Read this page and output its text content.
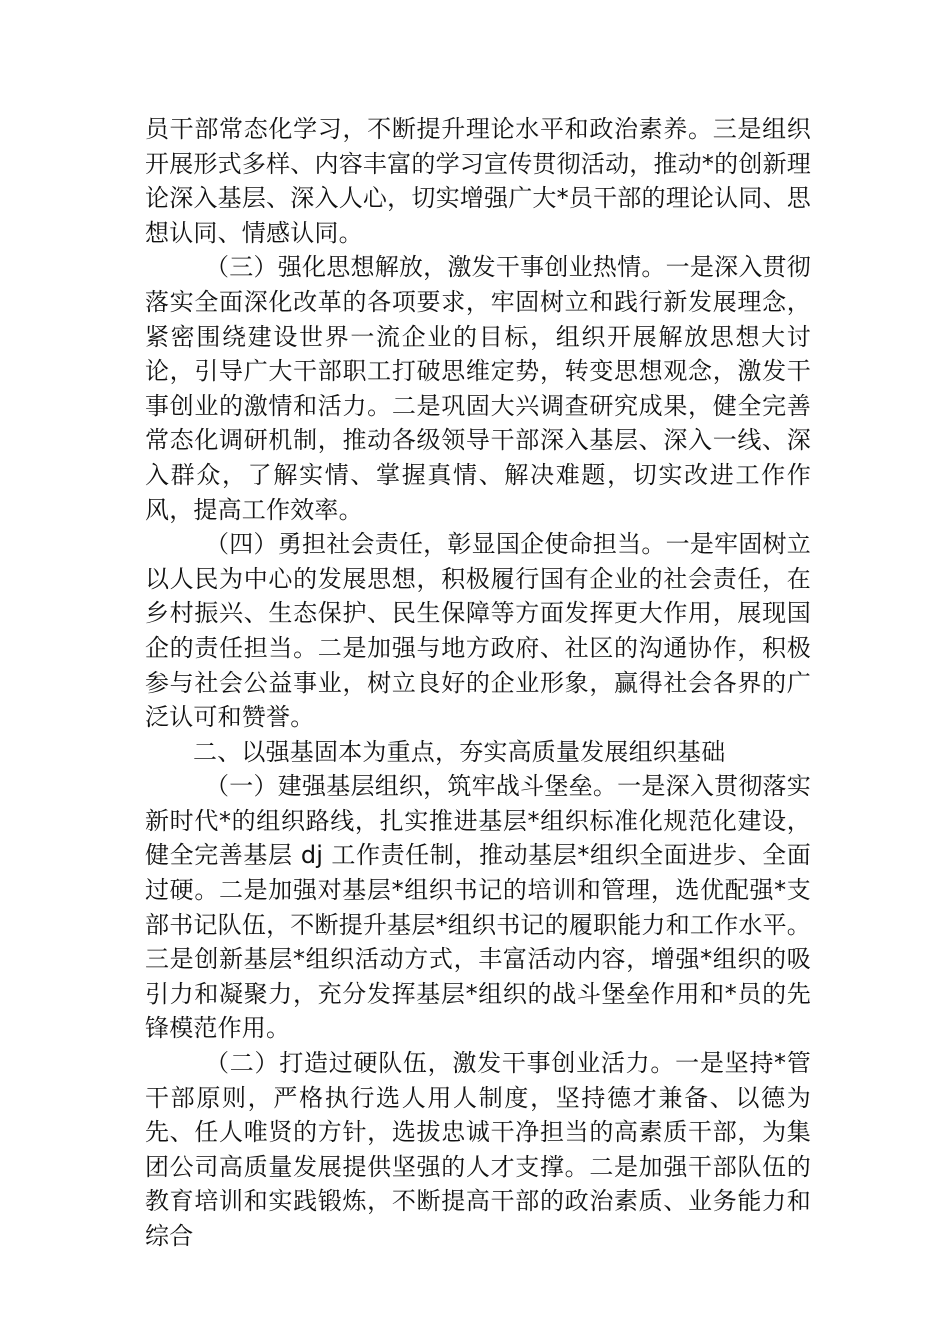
员干部常态化学习，不断提升理论水平和政治素养。三是组织开展形式多样、内容丰富的学习宣传贯彻活动，推动*的创新理论深入基层、深入人心，切实增强广大*员干部的理论认同、思想认同、情感认同。

（三）强化思想解放，激发干事创业热情。一是深入贯彻落实全面深化改革的各项要求，牢固树立和践行新发展理念，紧密围绕建设世界一流企业的目标，组织开展解放思想大讨论，引导广大干部职工打破思维定势，转变思想观念，激发干事创业的激情和活力。二是巩固大兴调查研究成果，健全完善常态化调研机制，推动各级领导干部深入基层、深入一线、深入群众，了解实情、掌握真情、解决难题，切实改进工作作风，提高工作效率。

（四）勇担社会责任，彰显国企使命担当。一是牢固树立以人民为中心的发展思想，积极履行国有企业的社会责任，在乡村振兴、生态保护、民生保障等方面发挥更大作用，展现国企的责任担当。二是加强与地方政府、社区的沟通协作，积极参与社会公益事业，树立良好的企业形象，赢得社会各界的广泛认可和赞誉。

二、以强基固本为重点，夯实高质量发展组织基础

（一）建强基层组织，筑牢战斗堡垒。一是深入贯彻落实新时代*的组织路线，扎实推进基层*组织标准化规范化建设，健全完善基层 dj 工作责任制，推动基层*组织全面进步、全面过硬。二是加强对基层*组织书记的培训和管理，选优配强*支部书记队伍，不断提升基层*组织书记的履职能力和工作水平。三是创新基层*组织活动方式，丰富活动内容，增强*组织的吸引力和凝聚力，充分发挥基层*组织的战斗堡垒作用和*员的先锋模范作用。

（二）打造过硬队伍，激发干事创业活力。一是坚持*管干部原则，严格执行选人用人制度，坚持德才兼备、以德为先、任人唯贤的方针，选拔忠诚干净担当的高素质干部，为集团公司高质量发展提供坚强的人才支撑。二是加强干部队伍的教育培训和实践锻炼，不断提高干部的政治素质、业务能力和综合
